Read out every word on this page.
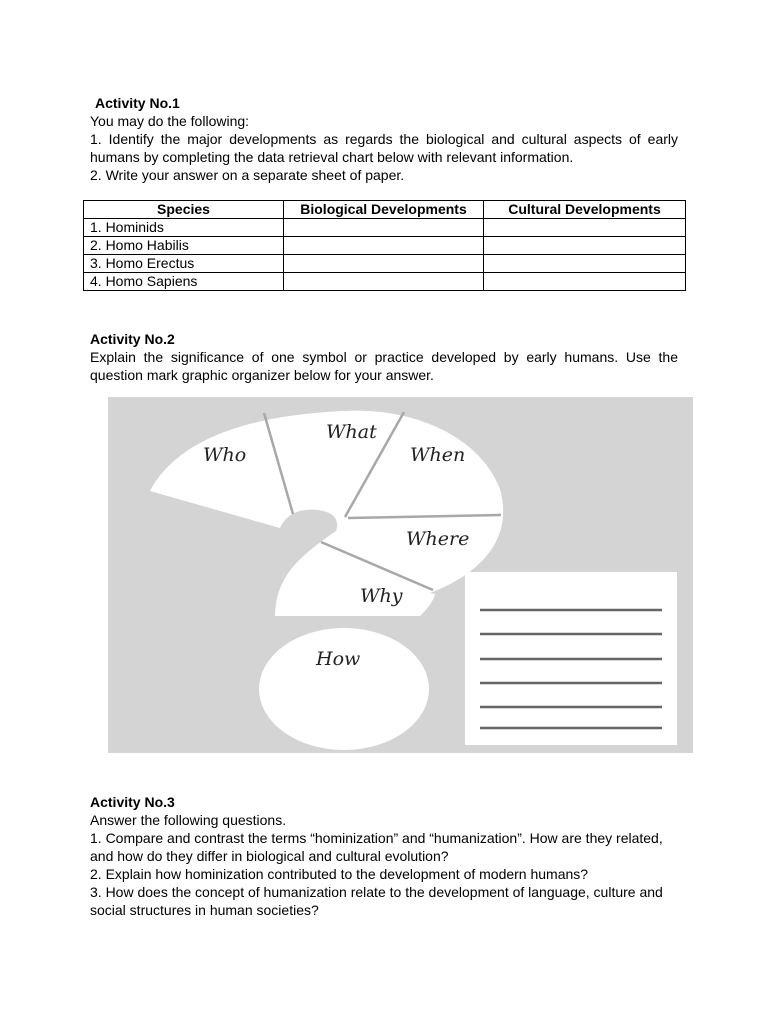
Activity No.1
You may do the following:
1. Identify the major developments as regards the biological and cultural aspects of early humans by completing the data retrieval chart below with relevant information.
2. Write your answer on a separate sheet of paper.
Species	Biological Developments	Cultural Developments
1. Hominids		
2. Homo Habilis		
3. Homo Erectus		
4. Homo Sapiens		
Activity No.2
Explain the significance of one symbol or practice developed by early humans. Use the question mark graphic organizer below for your answer.
Who
What
When
Where
Why
How
Activity No.3
Answer the following questions.
1. Compare and contrast the terms “hominization” and “humanization”. How are they related, and how do they differ in biological and cultural evolution?
2. Explain how hominization contributed to the development of modern humans?
3. How does the concept of humanization relate to the development of language, culture and social structures in human societies?
